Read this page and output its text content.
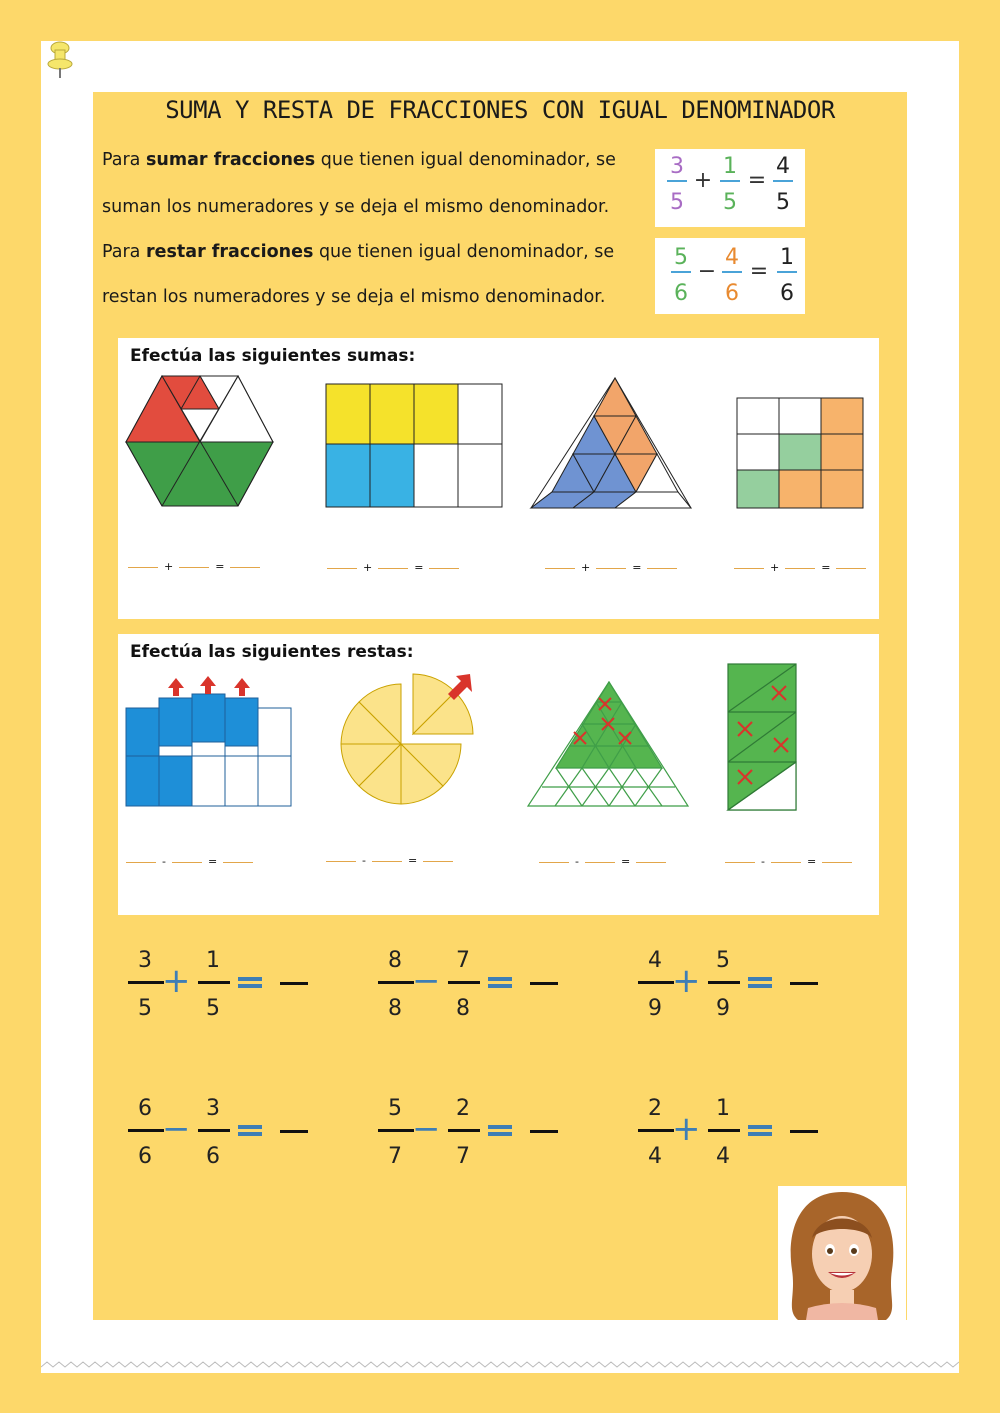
SUMA Y RESTA DE FRACCIONES CON IGUAL DENOMINADOR
Para sumar fracciones que tienen igual denominador, se
suman los numeradores y se deja el mismo denominador.
Para restar fracciones que tienen igual denominador, se
restan los numeradores y se deja el mismo denominador.
3
5
+
1
5
=
4
5
5
6
−
4
6
=
1
6
Efectúa las siguientes sumas:
+	=	+	=	+	=	+	=
Efectúa las siguientes restas:
-	=	-	=	-	=	-	=
3
5
+
1
5
8
8
−
7
8
4
9
+
5
9
6
6
−
3
6
5
7
−
2
7
2
4
+
1
4
